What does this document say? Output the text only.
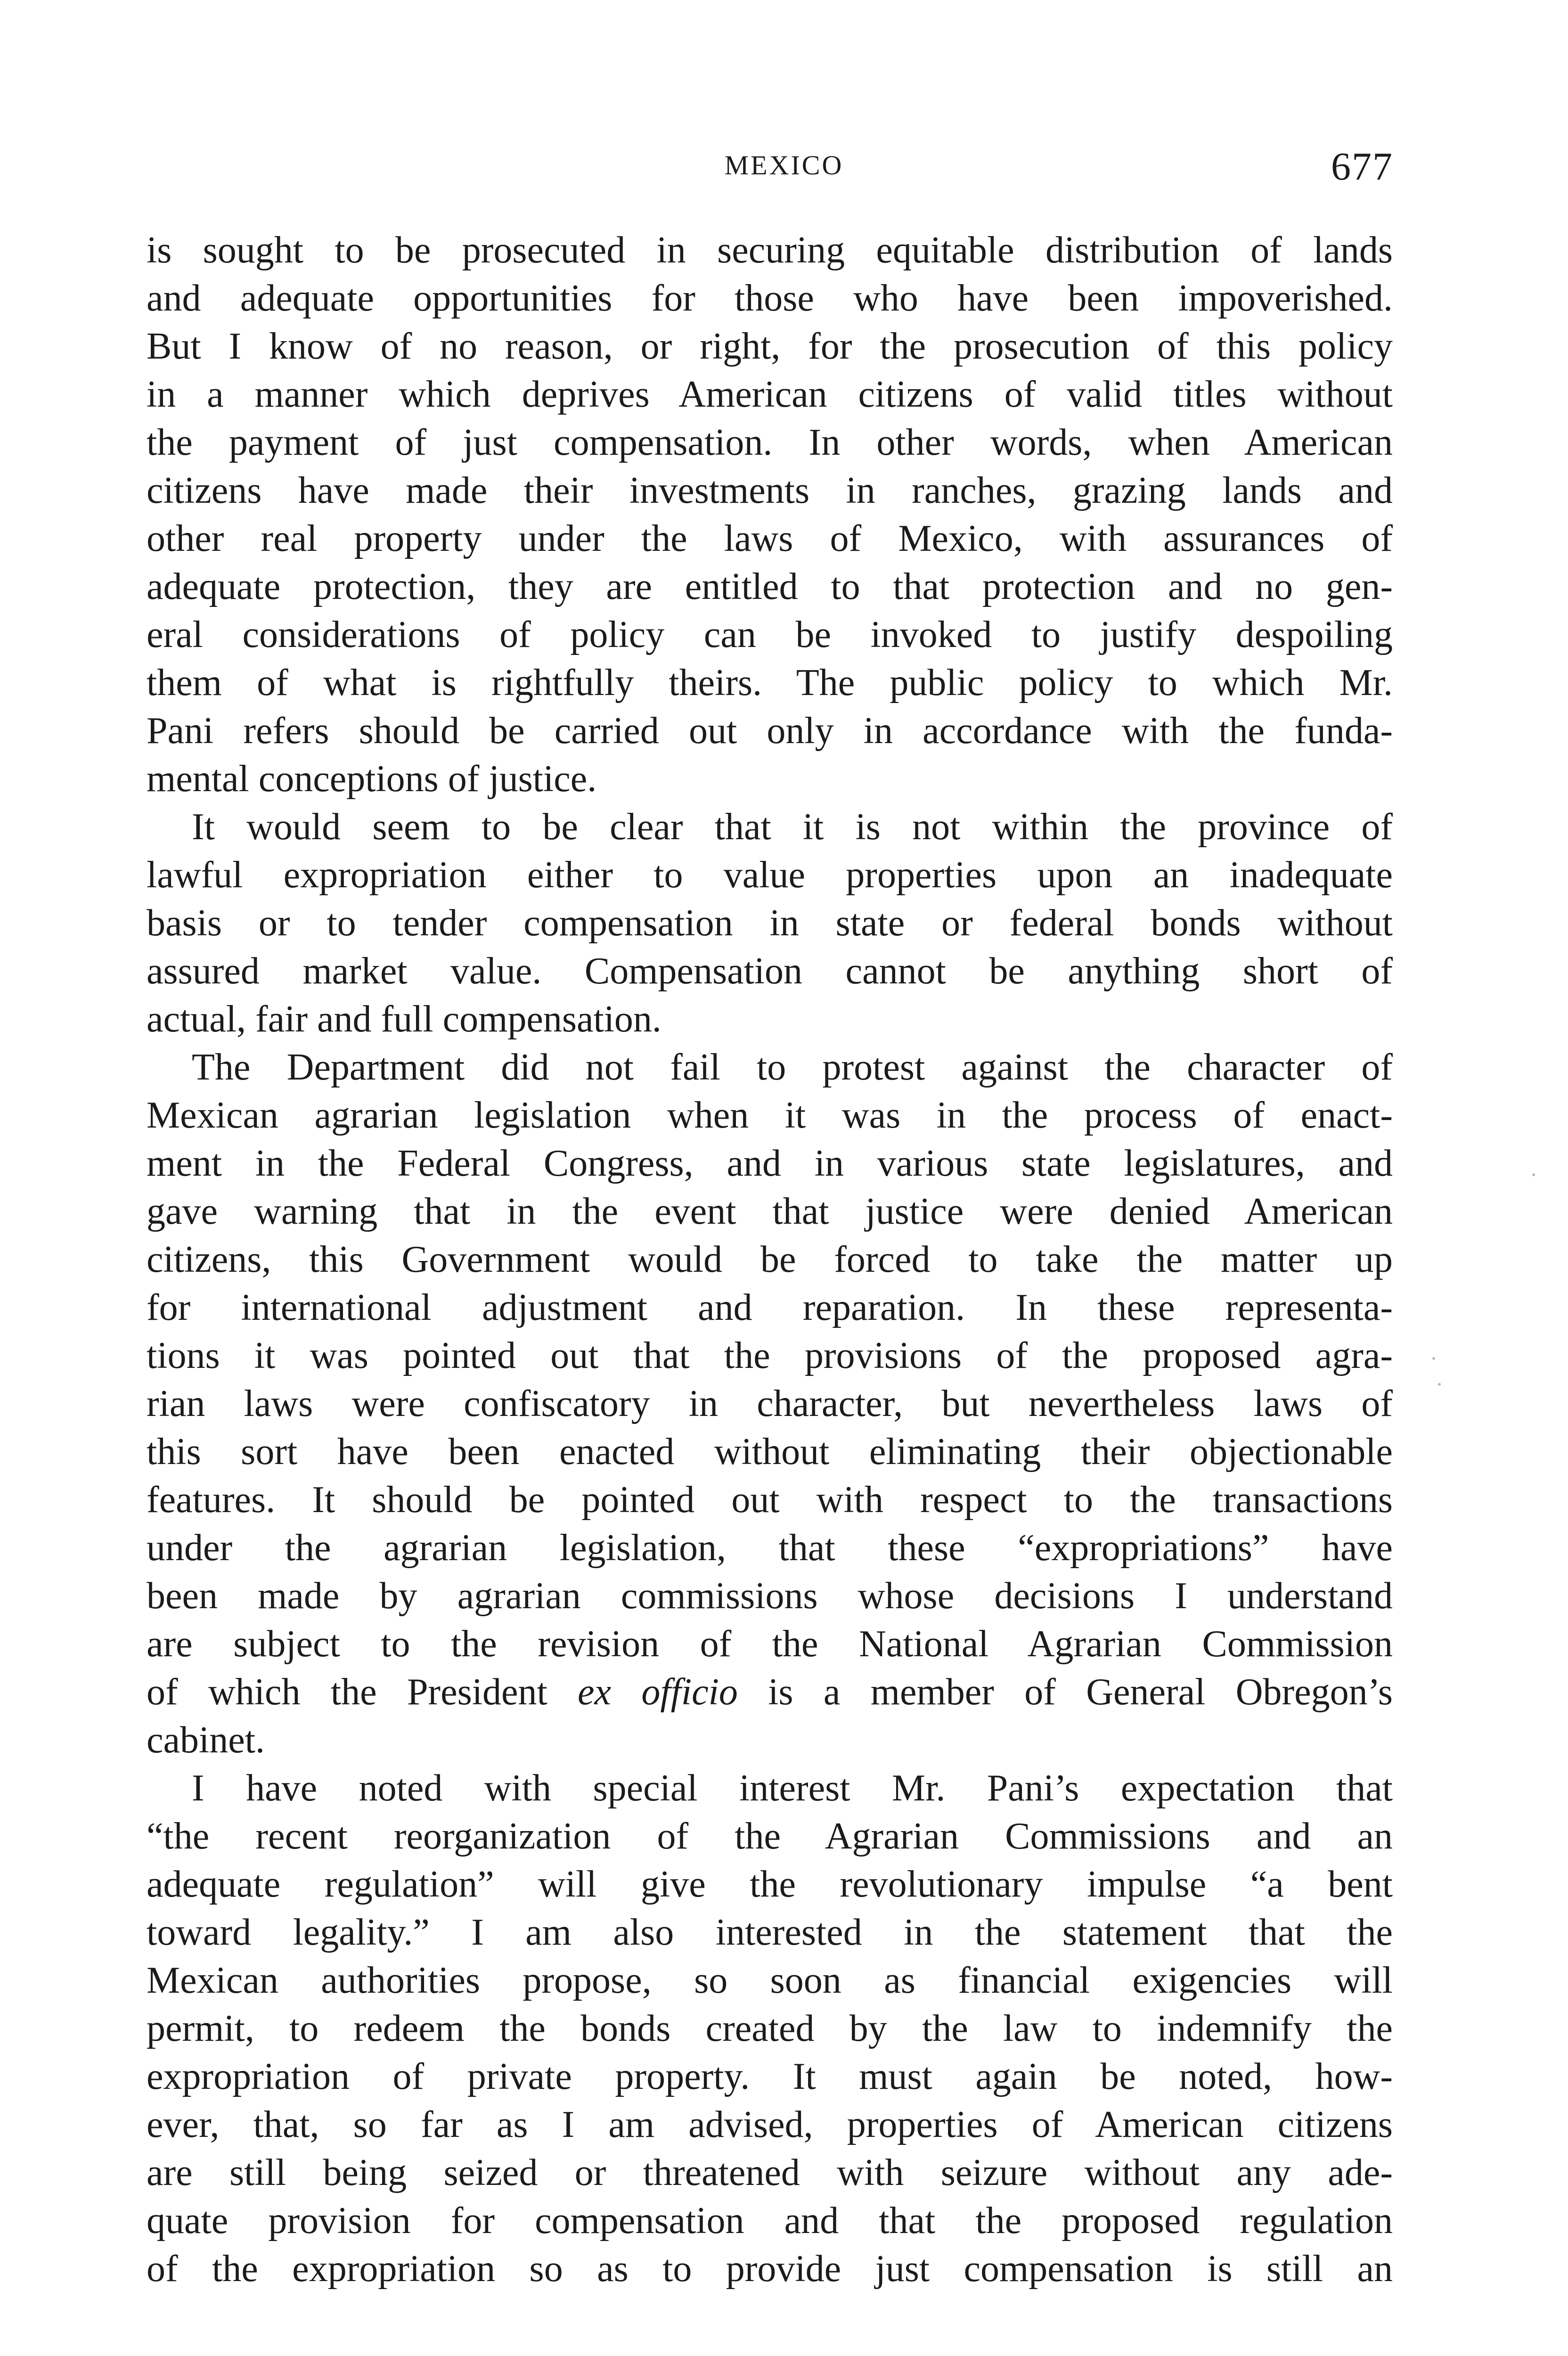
MEXICO	677
is sought to be prosecuted in securing equitable distribution of lands
and adequate opportunities for those who have been impoverished.
But I know of no reason, or right, for the prosecution of this policy
in a manner which deprives American citizens of valid titles without
the payment of just compensation. In other words, when American
citizens have made their investments in ranches, grazing lands and
other real property under the laws of Mexico, with assurances of
adequate protection, they are entitled to that protection and no gen-
eral considerations of policy can be invoked to justify despoiling
them of what is rightfully theirs. The public policy to which Mr.
Pani refers should be carried out only in accordance with the funda-
mental conceptions of justice.
It would seem to be clear that it is not within the province of
lawful expropriation either to value properties upon an inadequate
basis or to tender compensation in state or federal bonds without
assured market value. Compensation cannot be anything short of
actual, fair and full compensation.
The Department did not fail to protest against the character of
Mexican agrarian legislation when it was in the process of enact-
ment in the Federal Congress, and in various state legislatures, and
gave warning that in the event that justice were denied American
citizens, this Government would be forced to take the matter up
for international adjustment and reparation. In these representa-
tions it was pointed out that the provisions of the proposed agra-
rian laws were confiscatory in character, but nevertheless laws of
this sort have been enacted without eliminating their objectionable
features. It should be pointed out with respect to the transactions
under the agrarian legislation, that these “expropriations” have
been made by agrarian commissions whose decisions I understand
are subject to the revision of the National Agrarian Commission
of which the President ex officio is a member of General Obregon’s
cabinet.
I have noted with special interest Mr. Pani’s expectation that
“the recent reorganization of the Agrarian Commissions and an
adequate regulation” will give the revolutionary impulse “a bent
toward legality.” I am also interested in the statement that the
Mexican authorities propose, so soon as financial exigencies will
permit, to redeem the bonds created by the law to indemnify the
expropriation of private property. It must again be noted, how-
ever, that, so far as I am advised, properties of American citizens
are still being seized or threatened with seizure without any ade-
quate provision for compensation and that the proposed regulation
of the expropriation so as to provide just compensation is still an
